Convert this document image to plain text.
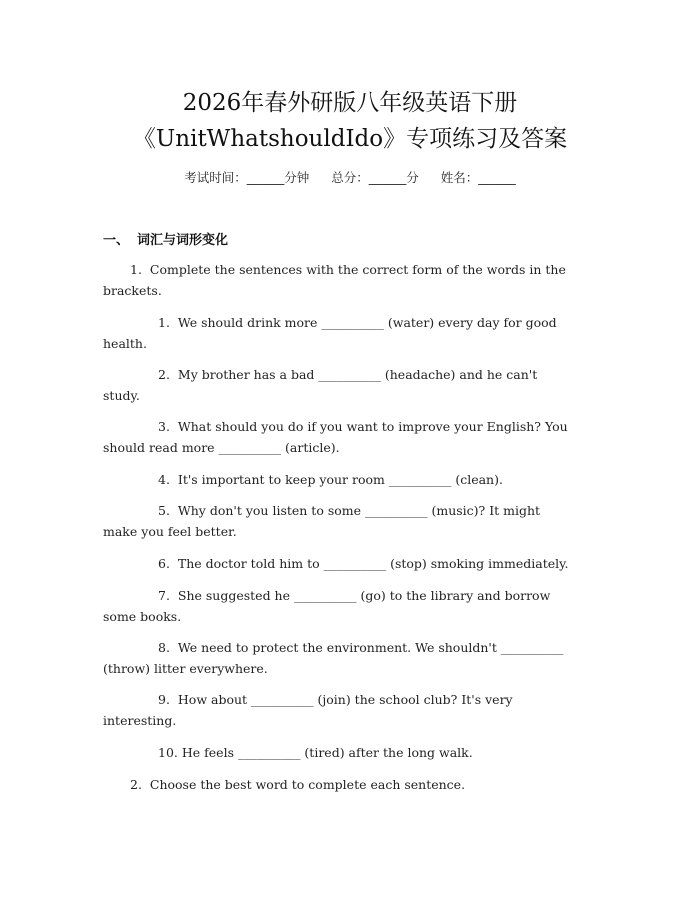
2026年春外研版八年级英语下册
《UnitWhatshouldIdo》专项练习及答案
考试时间：______分钟 总分：______分 姓名：______
一、 词汇与词形变化
1. Complete the sentences with the correct form of the words in the
brackets.
1. We should drink more __________ (water) every day for good
health.
2. My brother has a bad __________ (headache) and he can't
study.
3. What should you do if you want to improve your English? You
should read more __________ (article).
4. It's important to keep your room __________ (clean).
5. Why don't you listen to some __________ (music)? It might
make you feel better.
6. The doctor told him to __________ (stop) smoking immediately.
7. She suggested he __________ (go) to the library and borrow
some books.
8. We need to protect the environment. We shouldn't __________
(throw) litter everywhere.
9. How about __________ (join) the school club? It's very
interesting.
10. He feels __________ (tired) after the long walk.
2. Choose the best word to complete each sentence.
